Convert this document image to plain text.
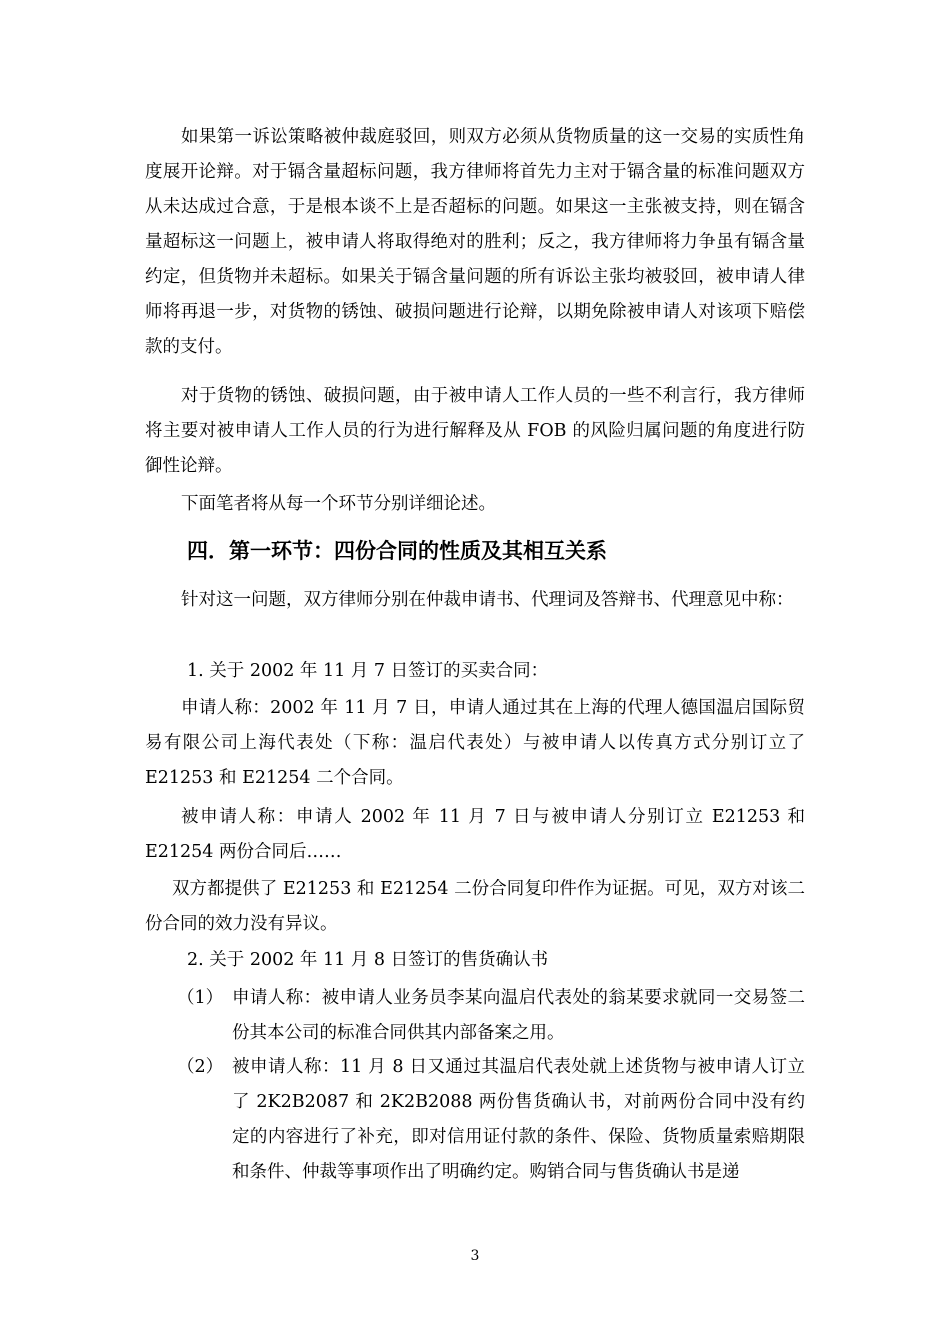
如果第一诉讼策略被仲裁庭驳回，则双方必须从货物质量的这一交易的实质性角度展开论辩。对于镉含量超标问题，我方律师将首先力主对于镉含量的标准问题双方从未达成过合意，于是根本谈不上是否超标的问题。如果这一主张被支持，则在镉含量超标这一问题上，被申请人将取得绝对的胜利；反之，我方律师将力争虽有镉含量约定，但货物并未超标。如果关于镉含量问题的所有诉讼主张均被驳回，被申请人律师将再退一步，对货物的锈蚀、破损问题进行论辩，以期免除被申请人对该项下赔偿款的支付。

对于货物的锈蚀、破损问题，由于被申请人工作人员的一些不利言行，我方律师将主要对被申请人工作人员的行为进行解释及从 FOB 的风险归属问题的角度进行防御性论辩。

下面笔者将从每一个环节分别详细论述。

四．第一环节：四份合同的性质及其相互关系

针对这一问题，双方律师分别在仲裁申请书、代理词及答辩书、代理意见中称：

1. 关于 2002 年 11 月 7 日签订的买卖合同：

申请人称：2002 年 11 月 7 日，申请人通过其在上海的代理人德国温启国际贸易有限公司上海代表处（下称：温启代表处）与被申请人以传真方式分别订立了 E21253 和 E21254 二个合同。

被申请人称：申请人 2002 年 11 月 7 日与被申请人分别订立 E21253 和 E21254 两份合同后……

双方都提供了 E21253 和 E21254 二份合同复印件作为证据。可见，双方对该二份合同的效力没有异议。

2. 关于 2002 年 11 月 8 日签订的售货确认书

（1） 申请人称：被申请人业务员李某向温启代表处的翁某要求就同一交易签二份其本公司的标准合同供其内部备案之用。
（2） 被申请人称：11 月 8 日又通过其温启代表处就上述货物与被申请人订立了 2K2B2087 和 2K2B2088 两份售货确认书，对前两份合同中没有约定的内容进行了补充，即对信用证付款的条件、保险、货物质量索赔期限和条件、仲裁等事项作出了明确约定。购销合同与售货确认书是递
3
